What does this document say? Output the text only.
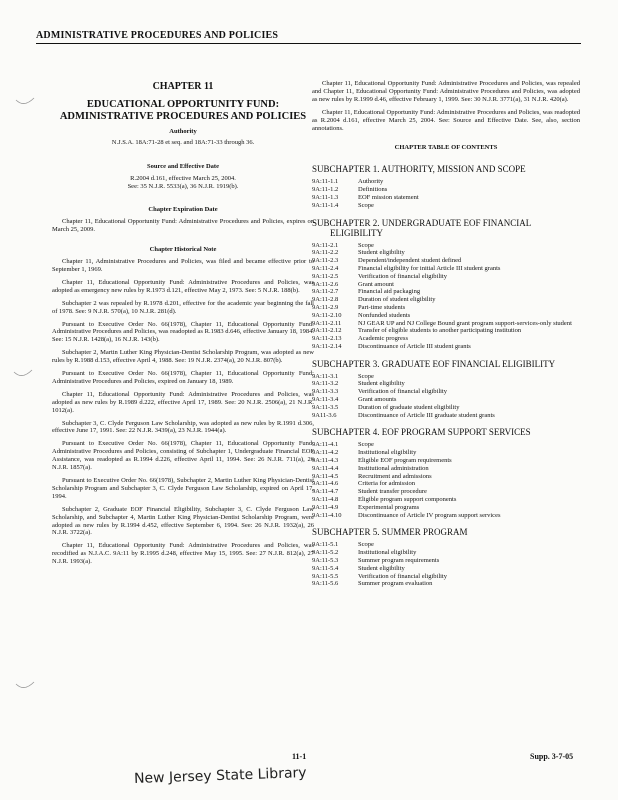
ADMINISTRATIVE PROCEDURES AND POLICIES
CHAPTER 11
EDUCATIONAL OPPORTUNITY FUND: ADMINISTRATIVE PROCEDURES AND POLICIES
Authority
N.J.S.A. 18A:71-28 et seq. and 18A:71-33 through 36.
Source and Effective Date
R.2004 d.161, effective March 25, 2004.
See: 35 N.J.R. 5533(a), 36 N.J.R. 1919(b).
Chapter Expiration Date

Chapter 11, Educational Opportunity Fund: Administrative Procedures and Policies, expires on March 25, 2009.

Chapter Historical Note

Chapter 11, Administrative Procedures and Policies, was filed and became effective prior to September 1, 1969.

Chapter 11, Educational Opportunity Fund: Administrative Procedures and Policies, was adopted as emergency new rules by R.1973 d.121, effective May 2, 1973. See: 5 N.J.R. 188(b).

Subchapter 2 was repealed by R.1978 d.201, effective for the academic year beginning the fall of 1978. See: 9 N.J.R. 570(a), 10 N.J.R. 281(d).

Pursuant to Executive Order No. 66(1978), Chapter 11, Educational Opportunity Fund: Administrative Procedures and Policies, was readopted as R.1983 d.646, effective January 18, 1984. See: 15 N.J.R. 1428(a), 16 N.J.R. 143(b).

Subchapter 2, Martin Luther King Physician-Dentist Scholarship Program, was adopted as new rules by R.1988 d.153, effective April 4, 1988. See: 19 N.J.R. 2374(a), 20 N.J.R. 807(b).

Pursuant to Executive Order No. 66(1978), Chapter 11, Educational Opportunity Fund: Administrative Procedures and Policies, expired on January 18, 1989.

Chapter 11, Educational Opportunity Fund: Administrative Procedures and Policies, was adopted as new rules by R.1989 d.222, effective April 17, 1989. See: 20 N.J.R. 2506(a), 21 N.J.R. 1012(a).

Subchapter 3, C. Clyde Ferguson Law Scholarship, was adopted as new rules by R.1991 d.306, effective June 17, 1991. See: 22 N.J.R. 3439(a), 23 N.J.R. 1944(a).

Pursuant to Executive Order No. 66(1978), Chapter 11, Educational Opportunity Fund: Administrative Procedures and Policies, consisting of Subchapter 1, Undergraduate Financial EOF Assistance, was readopted as R.1994 d.226, effective April 11, 1994. See: 26 N.J.R. 711(a), 26 N.J.R. 1857(a).

Pursuant to Executive Order No. 66(1978), Subchapter 2, Martin Luther King Physician-Dentist Scholarship Program and Subchapter 3, C. Clyde Ferguson Law Scholarship, expired on April 17, 1994.

Subchapter 2, Graduate EOF Financial Eligibility, Subchapter 3, C. Clyde Ferguson Law Scholarship, and Subchapter 4, Martin Luther King Physician-Dentist Scholarship Program, were adopted as new rules by R.1994 d.452, effective September 6, 1994. See: 26 N.J.R. 1932(a), 26 N.J.R. 3722(a).

Chapter 11, Educational Opportunity Fund: Administrative Procedures and Policies, was recodified as N.J.A.C. 9A:11 by R.1995 d.248, effective May 15, 1995. See: 27 N.J.R. 812(a), 27 N.J.R. 1993(a).

Chapter 11, Educational Opportunity Fund: Administrative Procedures and Policies, was repealed and Chapter 11, Educational Opportunity Fund: Administrative Procedures and Policies, was adopted as new rules by R.1999 d.46, effective February 1, 1999. See: 30 N.J.R. 3771(a), 31 N.J.R. 420(a).

Chapter 11, Educational Opportunity Fund: Administrative Procedures and Policies, was readopted as R.2004 d.161, effective March 25, 2004. See: Source and Effective Date. See, also, section annotations.

CHAPTER TABLE OF CONTENTS
SUBCHAPTER 1. AUTHORITY, MISSION AND SCOPE
9A:11-1.1	Authority
9A:11-1.2	Definitions
9A:11-1.3	EOF mission statement
9A:11-1.4	Scope
SUBCHAPTER 2. UNDERGRADUATE EOF FINANCIAL ELIGIBILITY
9A:11-2.1	Scope
9A:11-2.2	Student eligibility
9A:11-2.3	Dependent/independent student defined
9A:11-2.4	Financial eligibility for initial Article III student grants
9A:11-2.5	Verification of financial eligibility
9A:11-2.6	Grant amount
9A:11-2.7	Financial aid packaging
9A:11-2.8	Duration of student eligibility
9A:11-2.9	Part-time students
9A:11-2.10	Nonfunded students
9A:11-2.11	NJ GEAR UP and NJ College Bound grant program support-services-only student
9A:11-2.12	Transfer of eligible students to another participating institution
9A:11-2.13	Academic progress
9A:11-2.14	Discontinuance of Article III student grants
SUBCHAPTER 3. GRADUATE EOF FINANCIAL ELIGIBILITY
9A:11-3.1	Scope
9A:11-3.2	Student eligibility
9A:11-3.3	Verification of financial eligibility
9A:11-3.4	Grant amounts
9A:11-3.5	Duration of graduate student eligibility
9A11-3.6	Discontinuance of Article III graduate student grants
SUBCHAPTER 4. EOF PROGRAM SUPPORT SERVICES
9A:11-4.1	Scope
9A:11-4.2	Institutional eligibility
9A:11-4.3	Eligible EOF program requirements
9A:11-4.4	Institutional administration
9A:11-4.5	Recruitment and admissions
9A:11-4.6	Criteria for admission
9A:11-4.7	Student transfer procedure
9A:11-4.8	Eligible program support components
9A:11-4.9	Experimental programs
9A:11-4.10	Discontinuance of Article IV program support services
SUBCHAPTER 5. SUMMER PROGRAM
9A:11-5.1	Scope
9A:11-5.2	Institutional eligibility
9A:11-5.3	Summer program requirements
9A:11-5.4	Student eligibility
9A:11-5.5	Verification of financial eligibility
9A:11-5.6	Summer program evaluation
11-1	Supp. 3-7-05
New Jersey State Library
